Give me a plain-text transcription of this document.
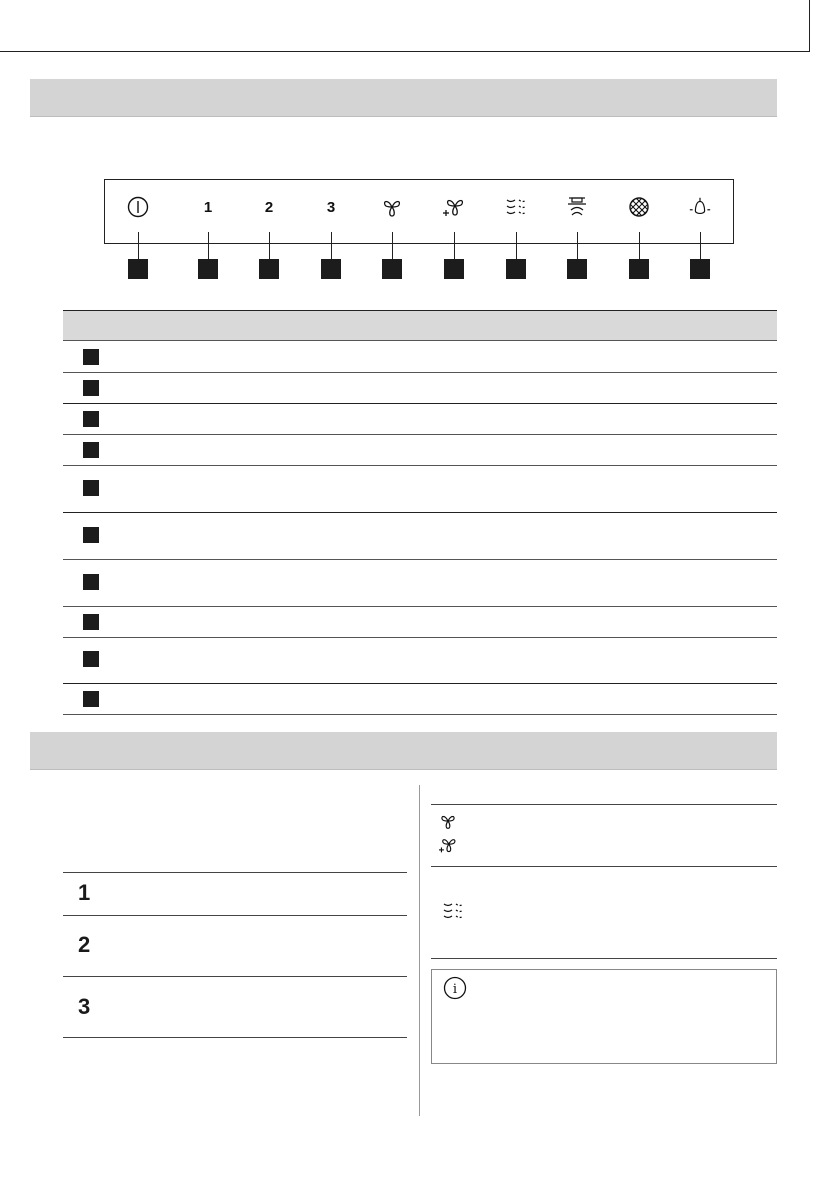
1	2	3
1
2
3
i
